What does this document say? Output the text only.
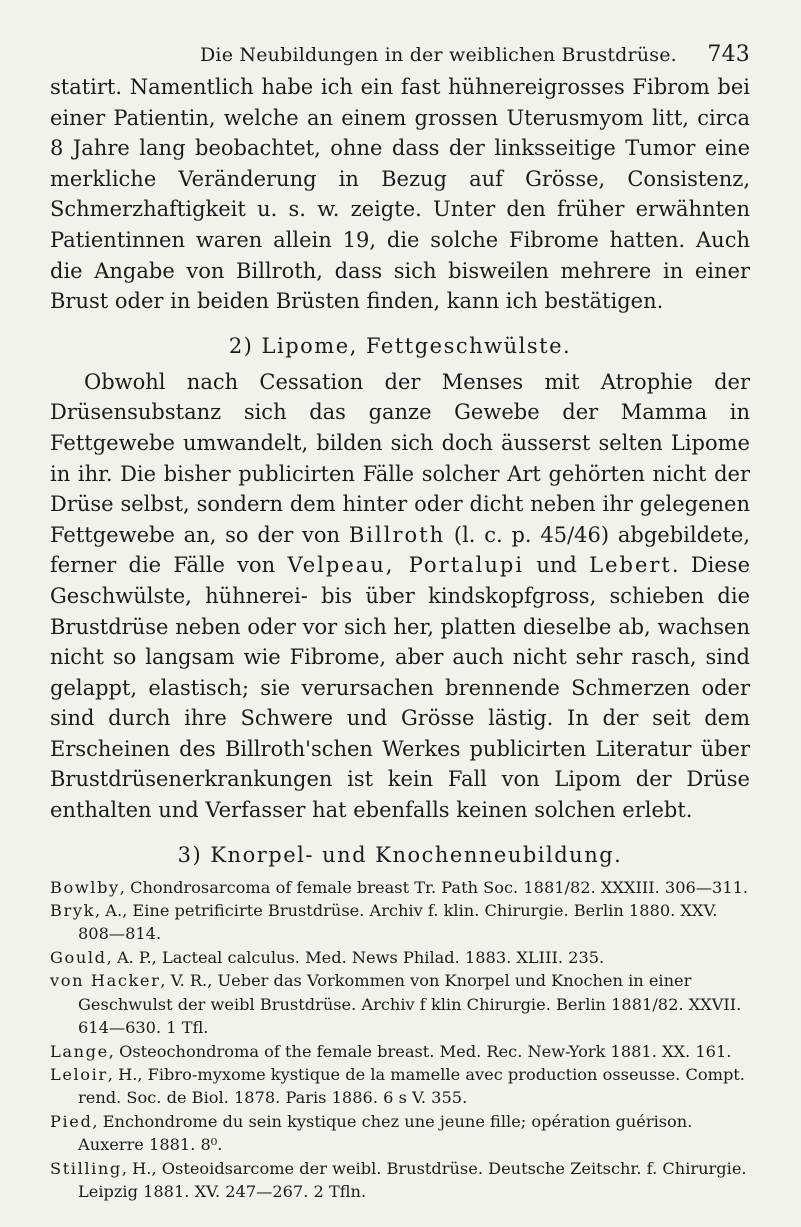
Die Neubildungen in der weiblichen Brustdrüse. 743

statirt. Namentlich habe ich ein fast hühnereigrosses Fibrom bei einer Patientin, welche an einem grossen Uterusmyom litt, circa 8 Jahre lang beobachtet, ohne dass der linksseitige Tumor eine merkliche Veränderung in Bezug auf Grösse, Consistenz, Schmerzhaftigkeit u. s. w. zeigte. Unter den früher erwähnten Patientinnen waren allein 19, die solche Fibrome hatten. Auch die Angabe von Billroth, dass sich bisweilen mehrere in einer Brust oder in beiden Brüsten finden, kann ich bestätigen.

2) Lipome, Fettgeschwülste.

Obwohl nach Cessation der Menses mit Atrophie der Drüsensubstanz sich das ganze Gewebe der Mamma in Fettgewebe umwandelt, bilden sich doch äusserst selten Lipome in ihr. Die bisher publicirten Fälle solcher Art gehörten nicht der Drüse selbst, sondern dem hinter oder dicht neben ihr gelegenen Fettgewebe an, so der von Billroth (l. c. p. 45/46) abgebildete, ferner die Fälle von Velpeau, Portalupi und Lebert. Diese Geschwülste, hühnerei- bis über kindskopfgross, schieben die Brustdrüse neben oder vor sich her, platten dieselbe ab, wachsen nicht so langsam wie Fibrome, aber auch nicht sehr rasch, sind gelappt, elastisch; sie verursachen brennende Schmerzen oder sind durch ihre Schwere und Grösse lästig. In der seit dem Erscheinen des Billroth'schen Werkes publicirten Literatur über Brustdrüsenerkrankungen ist kein Fall von Lipom der Drüse enthalten und Verfasser hat ebenfalls keinen solchen erlebt.

3) Knorpel- und Knochenneubildung.

Bowlby, Chondrosarcoma of female breast Tr. Path Soc. 1881/82. XXXIII. 306—311.

Bryk, A., Eine petrificirte Brustdrüse. Archiv f. klin. Chirurgie. Berlin 1880. XXV. 808—814.

Gould, A. P., Lacteal calculus. Med. News Philad. 1883. XLIII. 235.

von Hacker, V. R., Ueber das Vorkommen von Knorpel und Knochen in einer Geschwulst der weibl Brustdrüse. Archiv f klin Chirurgie. Berlin 1881/82. XXVII. 614—630. 1 Tfl.

Lange, Osteochondroma of the female breast. Med. Rec. New-York 1881. XX. 161.

Leloir, H., Fibro-myxome kystique de la mamelle avec production osseusse. Compt. rend. Soc. de Biol. 1878. Paris 1886. 6 s V. 355.

Pied, Enchondrome du sein kystique chez une jeune fille; opération guérison. Auxerre 1881. 8⁰.

Stilling, H., Osteoidsarcome der weibl. Brustdrüse. Deutsche Zeitschr. f. Chirurgie. Leipzig 1881. XV. 247—267. 2 Tfln.
